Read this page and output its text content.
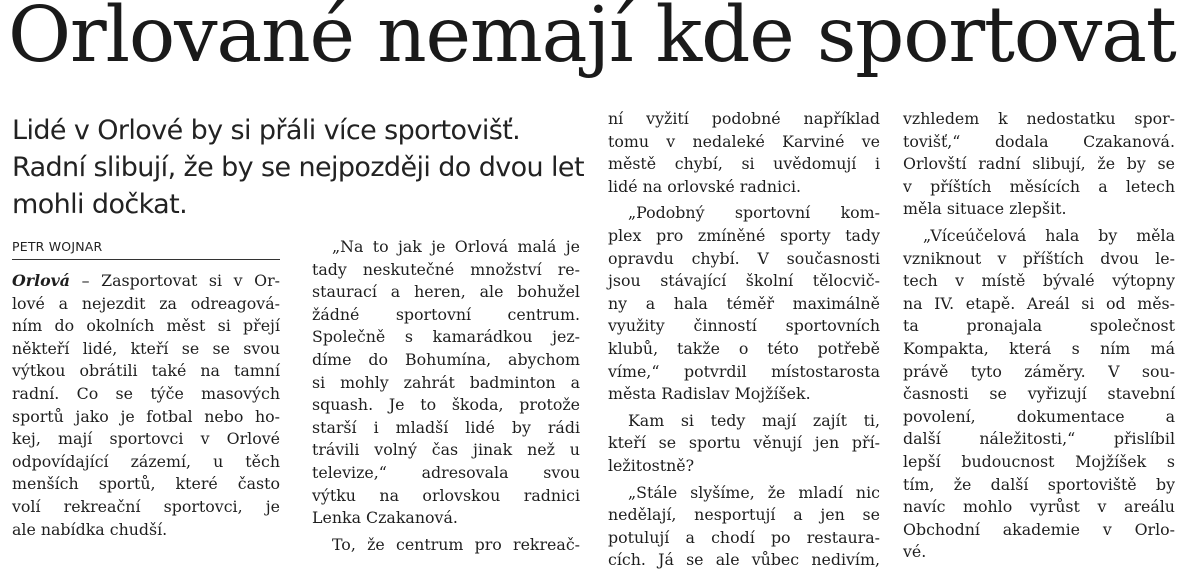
Orlované nemají kde sportovat
Lidé v Orlové by si přáli více sportovišť.
Radní slibují, že by se nejpozději do dvou let
mohli dočkat.
PETR WOJNAR
Orlová – Zasportovat si v Or-
lové a nejezdit za odreagová-
ním do okolních měst si přejí
někteří lidé, kteří se se svou
výtkou obrátili také na tamní
radní. Co se týče masových
sportů jako je fotbal nebo ho-
kej, mají sportovci v Orlové
odpovídající zázemí, u těch
menších sportů, které často
volí rekreační sportovci, je
ale nabídka chudší.
„Na to jak je Orlová malá je
tady neskutečné množství re-
staurací a heren, ale bohužel
žádné sportovní centrum.
Společně s kamarádkou jez-
díme do Bohumína, abychom
si mohly zahrát badminton a
squash. Je to škoda, protože
starší i mladší lidé by rádi
trávili volný čas jinak než u
televize,“ adresovala svou
výtku na orlovskou radnici
Lenka Czakanová.
To, že centrum pro rekreač-
ní vyžití podobné například
tomu v nedaleké Karviné ve
městě chybí, si uvědomují i
lidé na orlovské radnici.
„Podobný sportovní kom-
plex pro zmíněné sporty tady
opravdu chybí. V současnosti
jsou stávající školní tělocvič-
ny a hala téměř maximálně
využity činností sportovních
klubů, takže o této potřebě
víme,“ potvrdil místostarosta
města Radislav Mojžíšek.
Kam si tedy mají zajít ti,
kteří se sportu věnují jen pří-
ležitostně?
„Stále slyšíme, že mladí nic
nedělají, nesportují a jen se
potulují a chodí po restaura-
cích. Já se ale vůbec nedivím,
vzhledem k nedostatku spor-
tovišť,“ dodala Czakanová.
Orlovští radní slibují, že by se
v příštích měsících a letech
měla situace zlepšit.
„Víceúčelová hala by měla
vzniknout v příštích dvou le-
tech v místě bývalé výtopny
na IV. etapě. Areál si od měs-
ta pronajala společnost
Kompakta, která s ním má
právě tyto záměry. V sou-
časnosti se vyřizují stavební
povolení, dokumentace a
další náležitosti,“ přislíbil
lepší budoucnost Mojžíšek s
tím, že další sportoviště by
navíc mohlo vyrůst v areálu
Obchodní akademie v Orlo-
vé.
